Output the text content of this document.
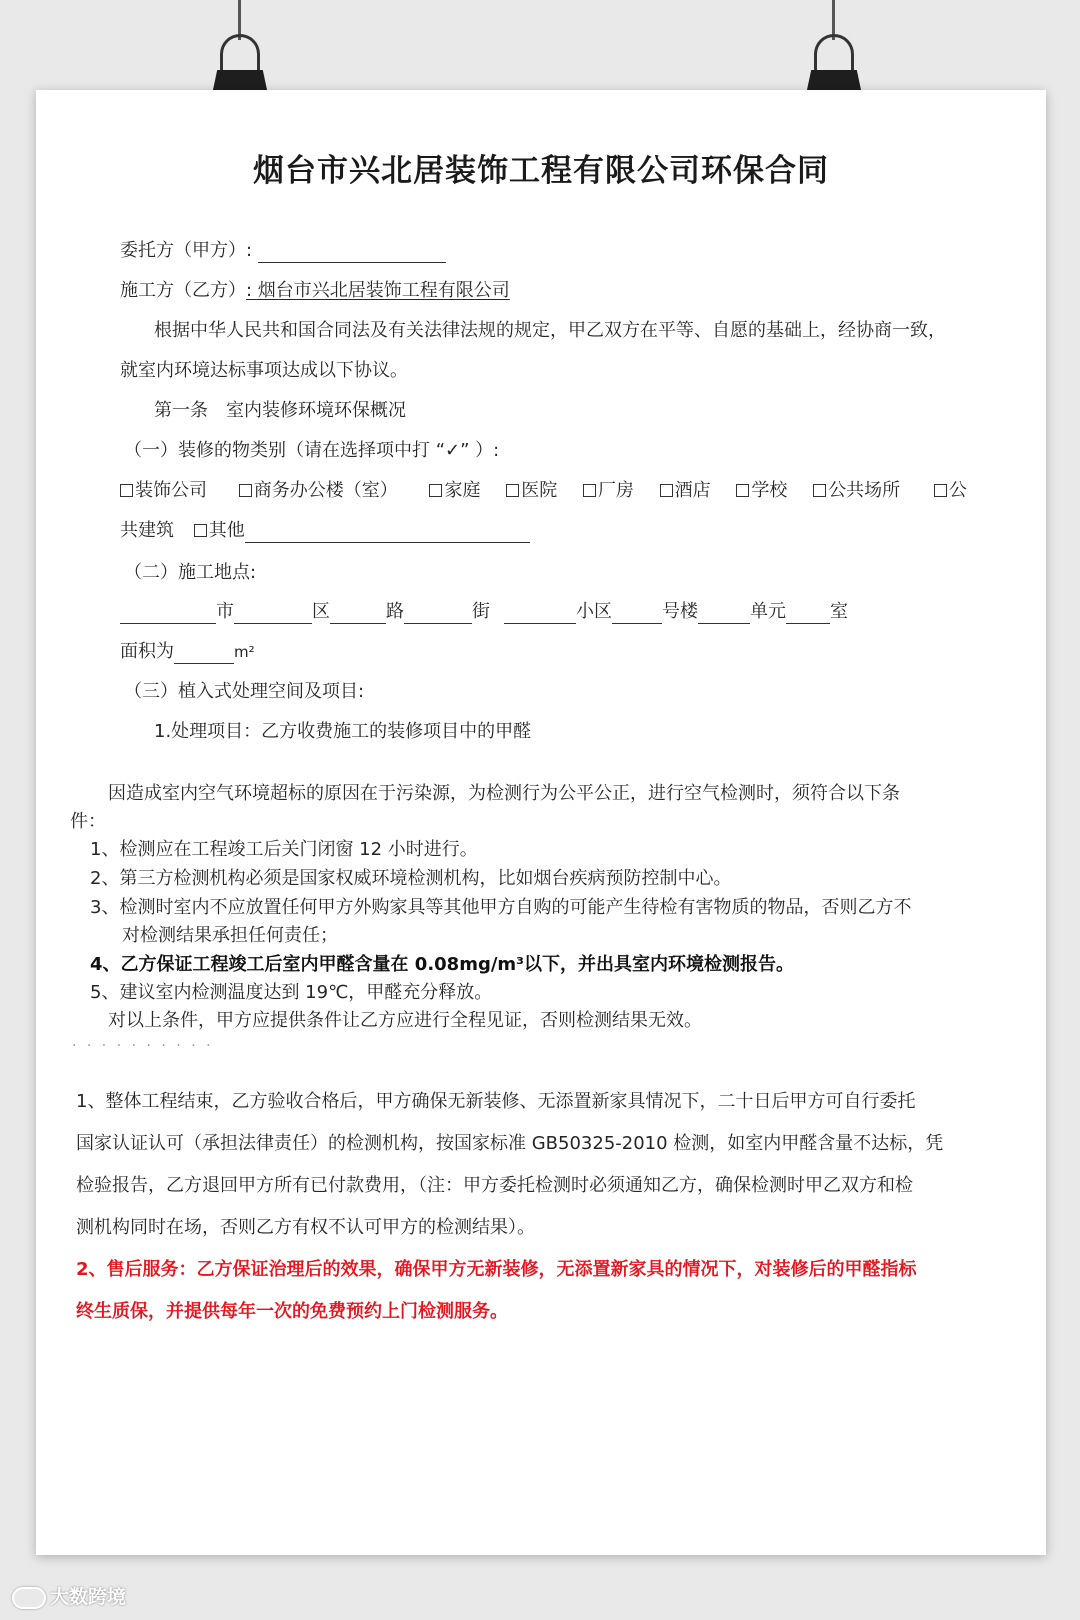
烟台市兴北居装饰工程有限公司环保合同
委托方（甲方）:
施工方（乙方）: 烟台市兴北居装饰工程有限公司
根据中华人民共和国合同法及有关法律法规的规定，甲乙双方在平等、自愿的基础上，经协商一致，
就室内环境达标事项达成以下协议。
第一条　室内装修环境环保概况
（一）装修的物类别（请在选择项中打 “✓” ）:
装饰公司	商务办公楼（室）	家庭 医院 厂房 酒店 学校 公共场所	公
共建筑 其他
（二）施工地点:
市	区	路	街	小区	号楼	单元 室
面积为	m²
（三）植入式处理空间及项目:
1.处理项目：乙方收费施工的装修项目中的甲醛
因造成室内空气环境超标的原因在于污染源，为检测行为公平公正，进行空气检测时，须符合以下条
件：
1、检测应在工程竣工后关门闭窗 12 小时进行。
2、第三方检测机构必须是国家权威环境检测机构，比如烟台疾病预防控制中心。
3、检测时室内不应放置任何甲方外购家具等其他甲方自购的可能产生待检有害物质的物品，否则乙方不
对检测结果承担任何责任；
4、乙方保证工程竣工后室内甲醛含量在 0.08mg/m³以下，并出具室内环境检测报告。
5、建议室内检测温度达到 19℃，甲醛充分释放。
对以上条件，甲方应提供条件让乙方应进行全程见证，否则检测结果无效。
· · · · · · · · · ·
1、整体工程结束，乙方验收合格后，甲方确保无新装修、无添置新家具情况下，二十日后甲方可自行委托
国家认证认可（承担法律责任）的检测机构，按国家标准 GB50325-2010 检测，如室内甲醛含量不达标，凭
检验报告，乙方退回甲方所有已付款费用，（注：甲方委托检测时必须通知乙方，确保检测时甲乙双方和检
测机构同时在场，否则乙方有权不认可甲方的检测结果）。
2、售后服务：乙方保证治理后的效果，确保甲方无新装修，无添置新家具的情况下，对装修后的甲醛指标
终生质保，并提供每年一次的免费预约上门检测服务。
大数跨境
